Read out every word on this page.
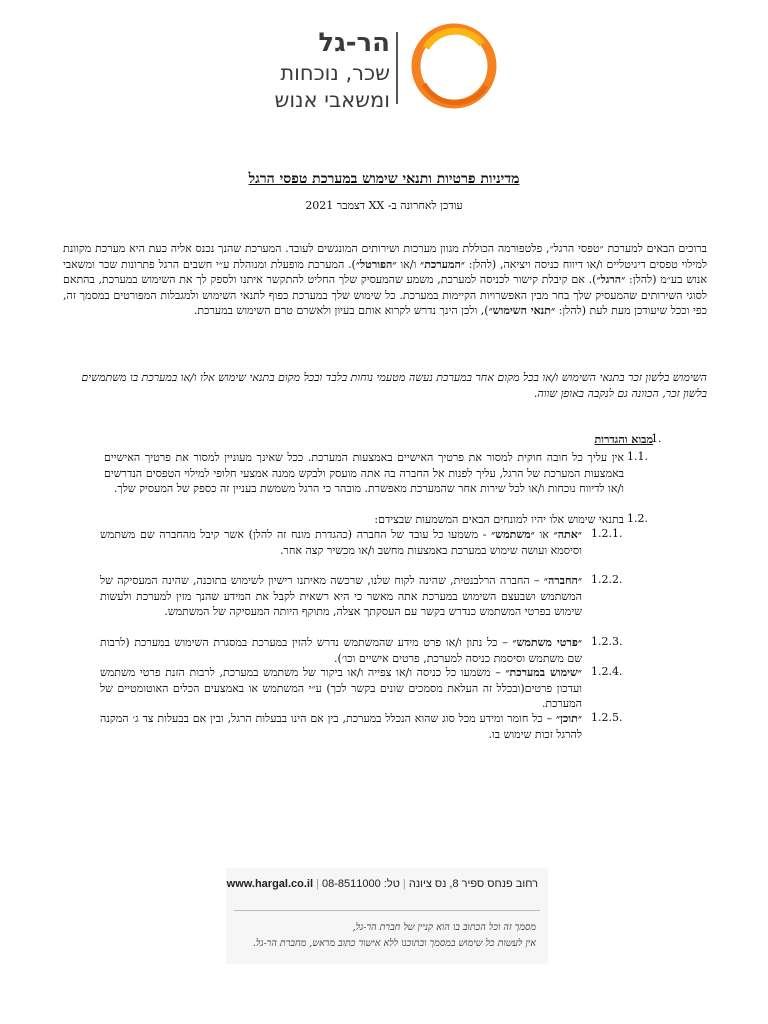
הר-גל
שכר, נוכחות
ומשאבי אנוש
מדיניות פרטיות ותנאי שימוש במערכת טפסי הרגל
עודכן לאחרונה ב- XX דצמבר 2021
ברוכים הבאים למערכת ״טפסי הרגל״, פלטפורמה הכוללת מגוון מערכות ושירותים המונגשים לעובד. המערכת שהנך נכנס אליה כעת היא מערכת מקוונת למילוי טפסים דיגיטליים ו/או דיווח כניסה ויציאה, (להלן: ״המערכת״ ו/או ״הפורטל״). המערכת מופעלת ומנוהלת ע״י חשבים הרגל פתרונות שכר ומשאבי אנוש בע״מ (להלן: ״הרגל״). אם קיבלת קישור לכניסה למערכת, משמע שהמעסיק שלך החליט להתקשר איתנו ולספק לך את השימוש במערכת, בהתאם לסוגי השירותים שהמעסיק שלך בחר מבין האפשרויות הקיימות במערכת. כל שימוש שלך במערכת כפוף לתנאי השימוש ולמגבלות המפורטים במסמך זה, כפי וככל שיעודכן מעת לעת (להלן: ״תנאי השימוש״), ולכן הינך נדרש לקרוא אותם בעיון ולאשרם טרם השימוש במערכת.
השימוש בלשון זכר בתנאי השימוש ו/או בכל מקום אחר במערכת נעשה מטעמי נוחות בלבד ובכל מקום בתנאי שימוש אלו ו/או במערכת בו משתמשים בלשון זכר, הכוונה גם לנקבה באופן שווה.
1.
מבוא והגדרות
1.1.
אין עליך כל חובה חוקית למסור את פרטיך האישיים באמצעות המערכת. ככל שאינך מעוניין למסור את פרטיך האישיים באמצעות המערכת של הרגל, עליך לפנות אל החברה בה אתה מועסק ולבקש ממנה אמצעי חלופי למילוי הטפסים הנדרשים ו/או לדיווח נוכחות ו/או לכל שירות אחר שהמערכת מאפשרת. מובהר כי הרגל משמשת בעניין זה כספק של המעסיק שלך.
1.2.
בתנאי שימוש אלו יהיו למונחים הבאים המשמעות שבצידם:
1.2.1.
״אתה״ או ״משתמש״ - משמעו כל עובד של החברה (כהגדרת מונח זה להלן) אשר קיבל מהחברה שם משתמש וסיסמא ועושה שימוש במערכת באמצעות מחשב ו/או מכשיר קצה אחר.
1.2.2.
״החברה״ – החברה הרלבנטית, שהינה לקוח שלנו, שרכשה מאיתנו רישיון לשימוש בתוכנה, שהינה המעסיקה של המשתמש ושבעצם השימוש במערכת אתה מאשר כי היא רשאית לקבל את המידע שהנך מזין למערכת ולעשות שימוש בפרטי המשתמש כנדרש בקשר עם העסקתך אצלה, מתוקף היותה המעסיקה של המשתמש.
1.2.3.
״פרטי משתמש״ – כל נתון ו/או פרט מידע שהמשתמש נדרש להזין במערכת במסגרת השימוש במערכת (לרבות שם משתמש וסיסמת כניסה למערכת, פרטים אישיים וכו׳).
1.2.4.
״שימוש במערכת״ – משמעו כל כניסה ו/או צפייה ו/או ביקור של משתמש במערכת, לרבות הזנת פרטי משתמש ועדכון פרטים(ובכלל זה העלאת מסמכים שונים בקשר לכך) ע״י המשתמש או באמצעים הכלים האוטומטיים של המערכת.
1.2.5.
״תוכן״ – כל חומר ומידע מכל סוג שהוא הנכלל במערכת, בין אם הינו בבעלות הרגל, ובין אם בבעלות צד ג׳ המקנה להרגל זכות שימוש בו.
רחוב פנחס ספיר 8, נס ציונה | טל: 08-8511000 | www.hargal.co.il
מסמך זה וכל הכתוב בו הוא קניין של חברת הר-גל,
אין לעשות כל שימוש במסמך ובתוכנו ללא אישור כתוב מראש, מחברת הר-גל.
